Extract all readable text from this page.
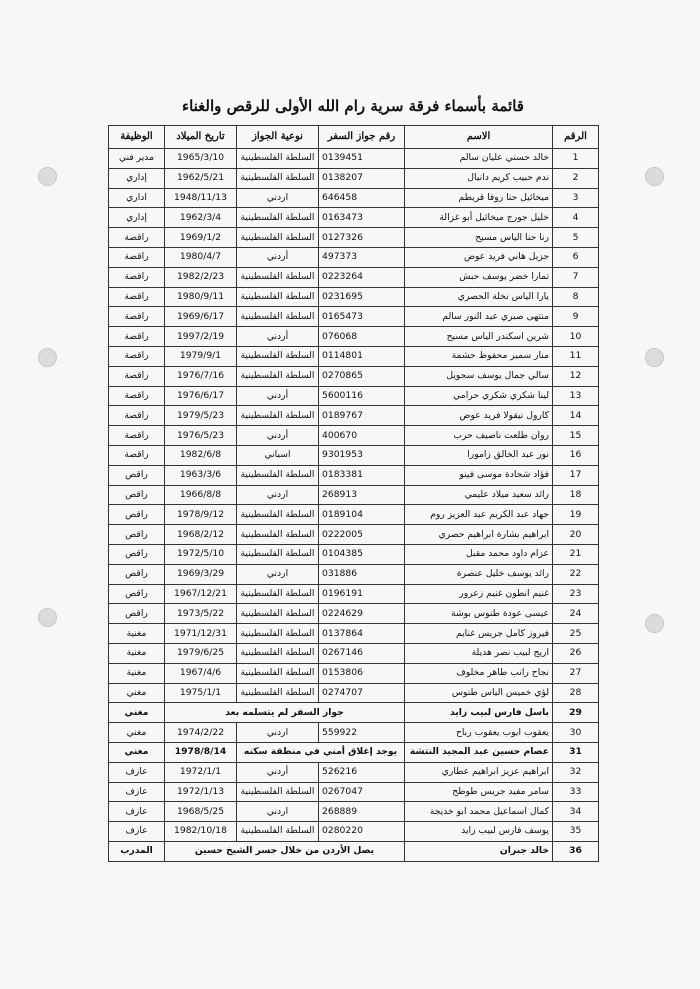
قائمة بأسماء فرقة سرية رام الله الأولى للرقص والغناء
الرقم	الاسم	رقم جواز السفر	نوعية الجواز	تاريخ الميلاد	الوظيفة
1	خالد حسني عليان سالم	0139451	السلطة الفلسطينية	1965/3/10	مدير فني
2	ندم حبيب كريم دانيال	0138207	السلطة الفلسطينية	1962/5/21	إداري
3	ميخائيل حنا روفا قريطم	646458	اردني	1948/11/13	اداري
4	خليل جورج ميخائيل أبو غزالة	0163473	السلطة الفلسطينية	1962/3/4	إداري
5	رنا حنا الياس مسيح	0127326	السلطة الفلسطينية	1969/1/2	راقصة
6	جزيل هاني فريد عوض	497373	أردني	1980/4/7	راقصة
7	تمارا خضر يوسف حبش	0223264	السلطة الفلسطينية	1982/2/23	راقصة
8	يارا الياس نخلة الحصري	0231695	السلطة الفلسطينية	1980/9/11	راقصة
9	منتهى صبري عبد النور سالم	0165473	السلطة الفلسطينية	1969/6/17	راقصة
10	شرين اسكندر الياس مسيح	076068	أردني	1997/2/19	راقصة
11	منار سمير محفوظ حشمة	0114801	السلطة الفلسطينية	1979/9/1	راقصة
12	سالي جمال يوسف سحويل	0270865	السلطة الفلسطينية	1976/7/16	راقصة
13	لينا شكري شكري حرامي	5600116	أردني	1976/6/17	راقصة
14	كارول نيقولا فريد عوض	0189767	السلطة الفلسطينية	1979/5/23	راقصة
15	روان طلعت ناصيف حرب	400670	أردني	1976/5/23	راقصة
16	نور عبد الخالق زامورا	9301953	اسباني	1982/6/8	راقصة
17	فؤاد شحادة موسى فينو	0183381	السلطة الفلسطينية	1963/3/6	راقص
18	رائد سعيد ميلاد عليمي	268913	اردني	1966/8/8	راقص
19	جهاد عبد الكريم عبد العزيز روم	0189104	السلطة الفلسطينية	1978/9/12	راقص
20	ابراهيم بشارة ابراهيم حصري	0222005	السلطة الفلسطينية	1968/2/12	راقص
21	عزام داود محمد مقبل	0104385	السلطة الفلسطينية	1972/5/10	راقص
22	رائد يوسف خليل عنصرة	031886	اردني	1969/3/29	راقص
23	غنيم انطون غنيم زعرور	0196191	السلطة الفلسطينية	1967/12/21	راقص
24	عيسى عودة طنوس بوشة	0224629	السلطة الفلسطينية	1973/5/22	راقص
25	فيروز كامل جريس غنايم	0137864	السلطة الفلسطينية	1971/12/31	مغنية
26	اريج لبيب نصر هديلة	0267146	السلطة الفلسطينية	1979/6/25	مغنية
27	نجاح رانب طاهر مخلوف	0153806	السلطة الفلسطينية	1967/4/6	مغنية
28	لؤي خميس الياس طنوس	0274707	السلطة الفلسطينية	1975/1/1	مغني
29	باسل فارس لبيب زايد	جواز السفر لم يتسلمه بعد			مغني
30	يعقوب ايوب يعقوب رباح	559922	اردني	1974/2/22	مغني
31	عصام حسين عبد المجيد النتشة	يوجد إغلاق أمني في منطقة سكنه		1978/8/14	مغني
32	ابراهيم عزيز ابراهيم عطاري	526216	أردني	1972/1/1	عازف
33	سامر مفيد جريس طوطح	0267047	السلطة الفلسطينية	1972/1/13	عازف
34	كمال اسماعيل محمد ابو خديجة	268889	اردني	1968/5/25	عازف
35	يوسف فارس لبيب زايد	0280220	السلطة الفلسطينية	1982/10/18	عازف
36	خالد جبران	يصل الأردن من خلال جسر الشيخ حسين			المدرب
